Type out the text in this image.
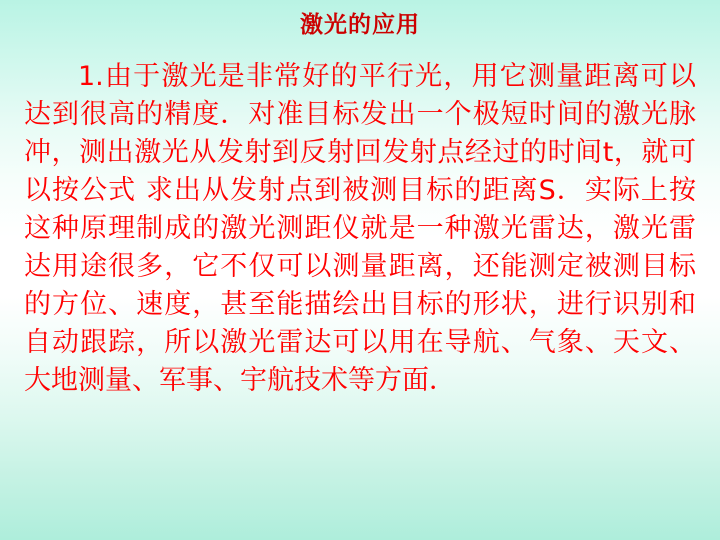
激光的应用

1.由于激光是非常好的平行光，用它测量距离可以达到很高的精度．对准目标发出一个极短时间的激光脉冲，测出激光从发射到反射回发射点经过的时间t，就可以按公式 求出从发射点到被测目标的距离S．实际上按这种原理制成的激光测距仪就是一种激光雷达，激光雷达用途很多，它不仅可以测量距离，还能测定被测目标的方位、速度，甚至能描绘出目标的形状，进行识别和自动跟踪，所以激光雷达可以用在导航、气象、天文、大地测量、军事、宇航技术等方面．
